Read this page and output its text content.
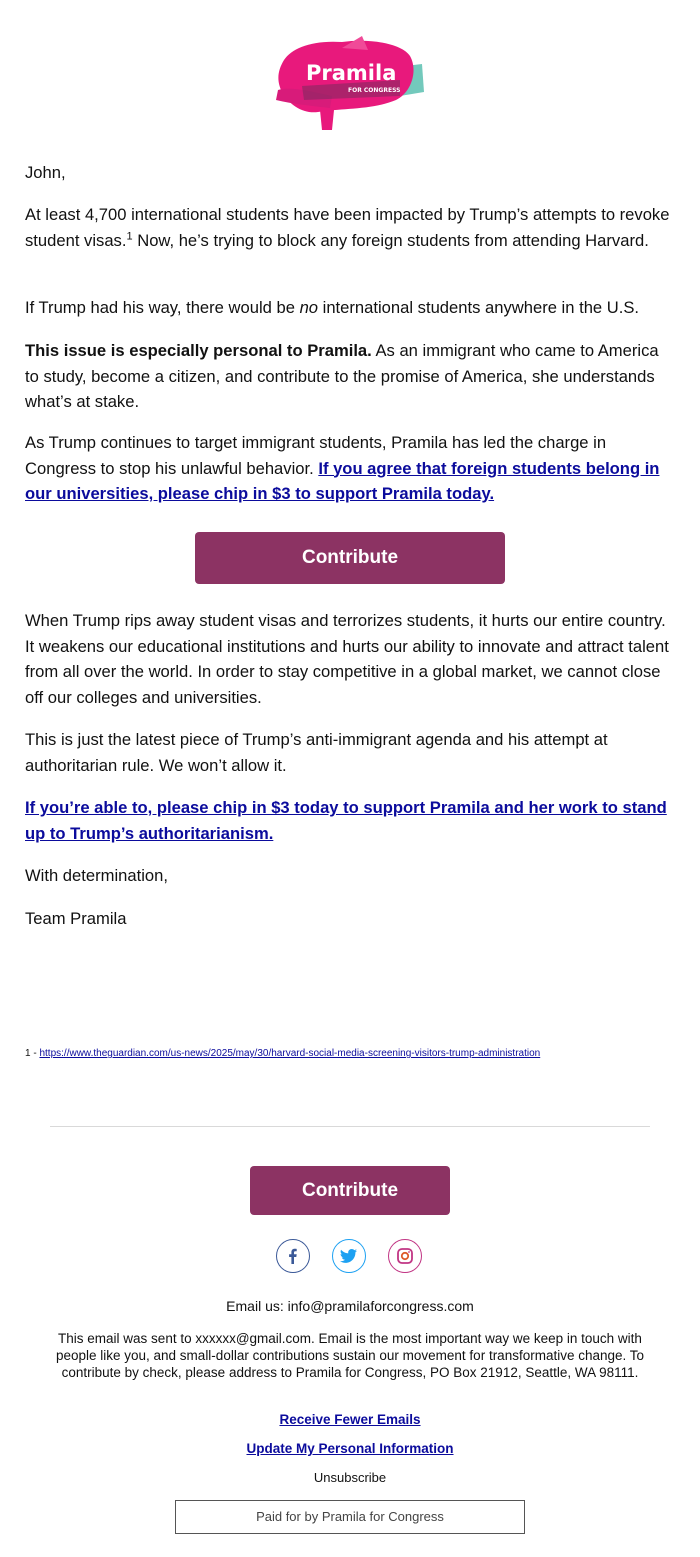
Pramila
FOR CONGRESS

John,

At least 4,700 international students have been impacted by Trump’s attempts to revoke student visas.$^1$ Now, he’s trying to block any foreign students from attending Harvard.

If Trump had his way, there would be no international students anywhere in the U.S.

This issue is especially personal to Pramila. As an immigrant who came to America to study, become a citizen, and contribute to the promise of America, she understands what’s at stake.

As Trump continues to target immigrant students, Pramila has led the charge in Congress to stop his unlawful behavior. If you agree that foreign students belong in our universities, please chip in $3 to support Pramila today.

Contribute

When Trump rips away student visas and terrorizes students, it hurts our entire country. It weakens our educational institutions and hurts our ability to innovate and attract talent from all over the world. In order to stay competitive in a global market, we cannot close off our colleges and universities.

This is just the latest piece of Trump’s anti-immigrant agenda and his attempt at authoritarian rule. We won’t allow it.

If you’re able to, please chip in $3 today to support Pramila and her work to stand up to Trump’s authoritarianism.

With determination,

Team Pramila

1 - https://www.theguardian.com/us-news/2025/may/30/harvard-social-media-screening-visitors-trump-administration
Contribute
Email us: info@pramilaforcongress.com
This email was sent to xxxxxx@gmail.com. Email is the most important way we keep in touch with people like you, and small-dollar contributions sustain our movement for transformative change. To contribute by check, please address to Pramila for Congress, PO Box 21912, Seattle, WA 98111.
Receive Fewer Emails
Update My Personal Information
Unsubscribe
Paid for by Pramila for Congress
